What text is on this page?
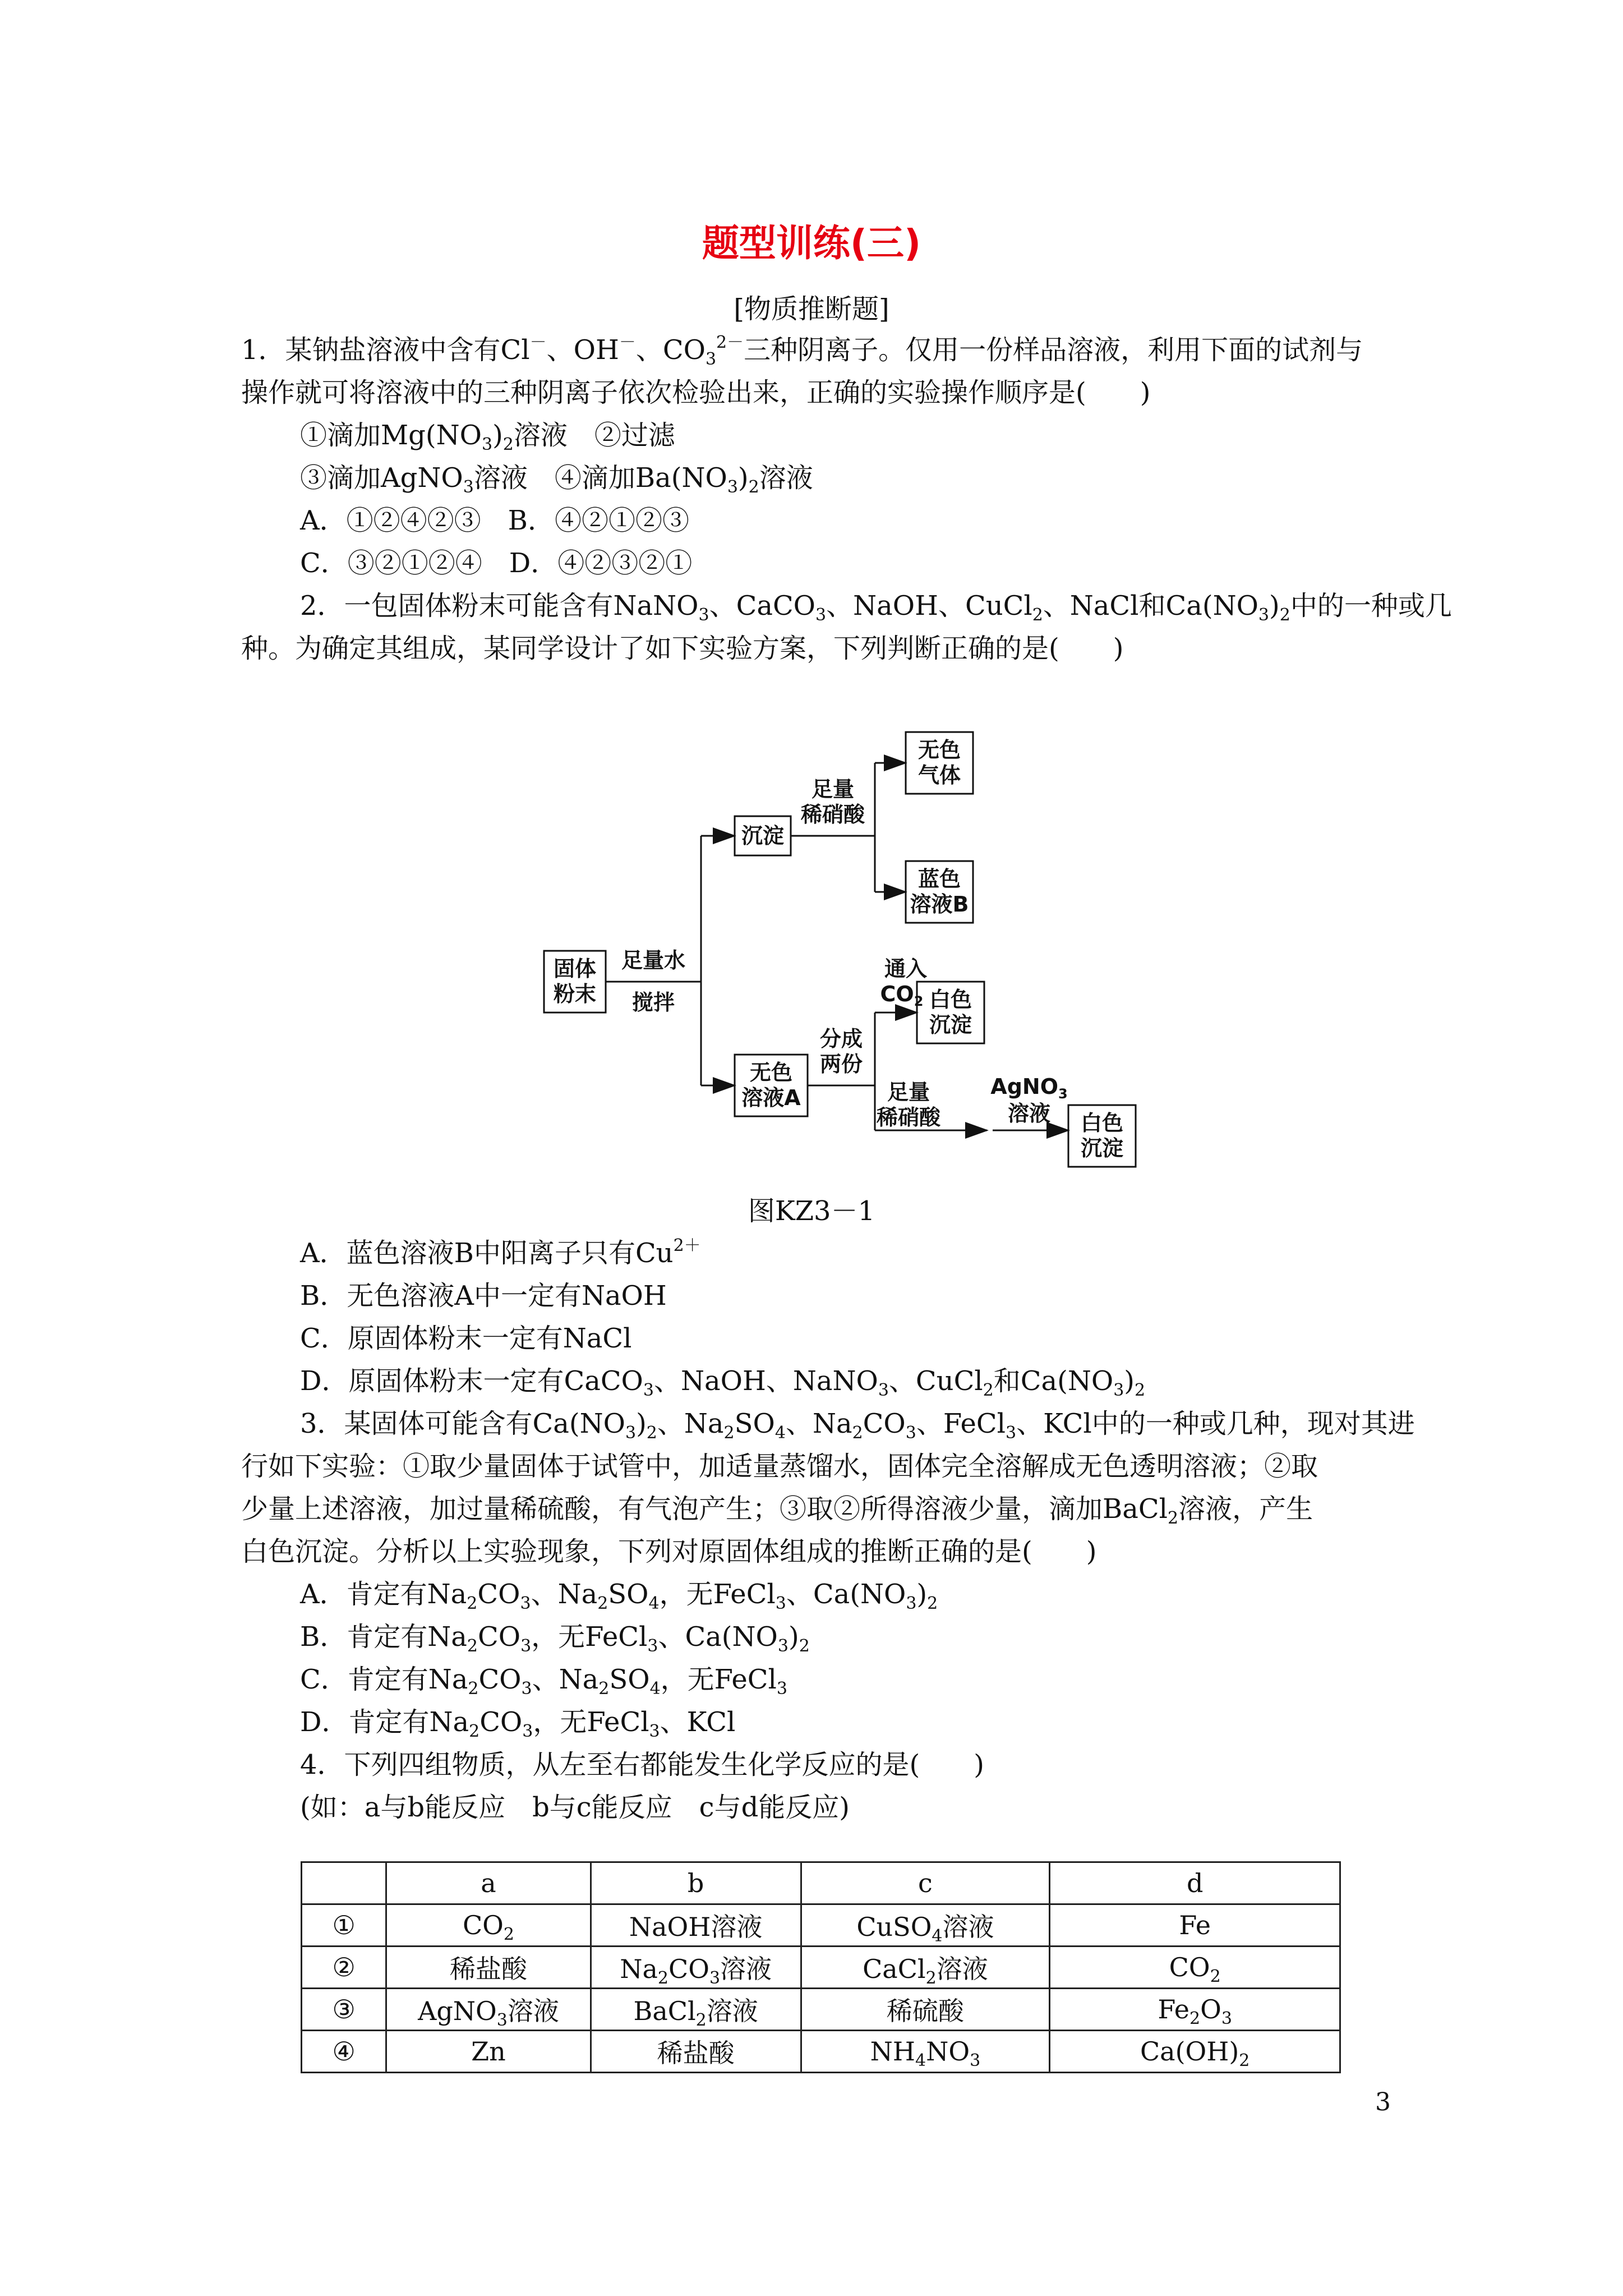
题型训练(三)
[物质推断题]
1．某钠盐溶液中含有Cl－、OH－、$CO_3^{2-}$三种阴离子。仅用一份样品溶液，利用下面的试剂与
操作就可将溶液中的三种阴离子依次检验出来，正确的实验操作顺序是(　　)
①滴加$Mg(NO_3)_2$溶液　②过滤
③滴加AgNO$_3$溶液　④滴加$Ba(NO_3)_2$溶液
A．①②④②③　B．④②①②③
C．③②①②④　D．④②③②①
2．一包固体粉末可能含有NaNO$_3$、CaCO$_3$、NaOH、CuCl$_2$、NaCl和$Ca(NO_3)_2$中的一种或几
种。为确定其组成，某同学设计了如下实验方案，下列判断正确的是(　　)
固体
粉末
足量水
搅拌
沉淀
足量
稀硝酸
无色
气体
蓝色
溶液B
无色
溶液A
分成
两份
通入
$CO_2$ 白色
沉淀
足量
稀硝酸
AgNO$_3$
溶液 白色
沉淀
图KZ3－1
A．蓝色溶液B中阳离子只有$Cu^{2+}$
B．无色溶液A中一定有NaOH
C．原固体粉末一定有NaCl
D．原固体粉末一定有CaCO$_3$、NaOH、NaNO$_3$、CuCl$_2$和$Ca(NO_3)_2$
3．某固体可能含有$Ca(NO_3)_2$、$Na_2SO_4$、$Na_2CO_3$、FeCl$_3$、KCl中的一种或几种，现对其进
行如下实验：①取少量固体于试管中，加适量蒸馏水，固体完全溶解成无色透明溶液；②取
少量上述溶液，加过量稀硫酸，有气泡产生；③取②所得溶液少量，滴加BaCl$_2$溶液，产生
白色沉淀。分析以上实验现象，下列对原固体组成的推断正确的是(　　)
A．肯定有$Na_2CO_3$、$Na_2SO_4$，无FeCl$_3$、$Ca(NO_3)_2$
B．肯定有$Na_2CO_3$，无FeCl$_3$、$Ca(NO_3)_2$
C．肯定有$Na_2CO_3$、$Na_2SO_4$，无FeCl$_3$
D．肯定有$Na_2CO_3$，无FeCl$_3$、KCl
4．下列四组物质，从左至右都能发生化学反应的是(　　)
(如：a与b能反应　b与c能反应　c与d能反应)
	a	b	c	d
①	$CO_2$	NaOH溶液	CuSO$_4$溶液	Fe
②	稀盐酸	$Na_2CO_3$溶液	CaCl$_2$溶液	$CO_2$
③	AgNO$_3$溶液	BaCl$_2$溶液	稀硫酸	$Fe_2O_3$
④	Zn	稀盐酸	$NH_4NO_3$	$Ca(OH)_2$
3
